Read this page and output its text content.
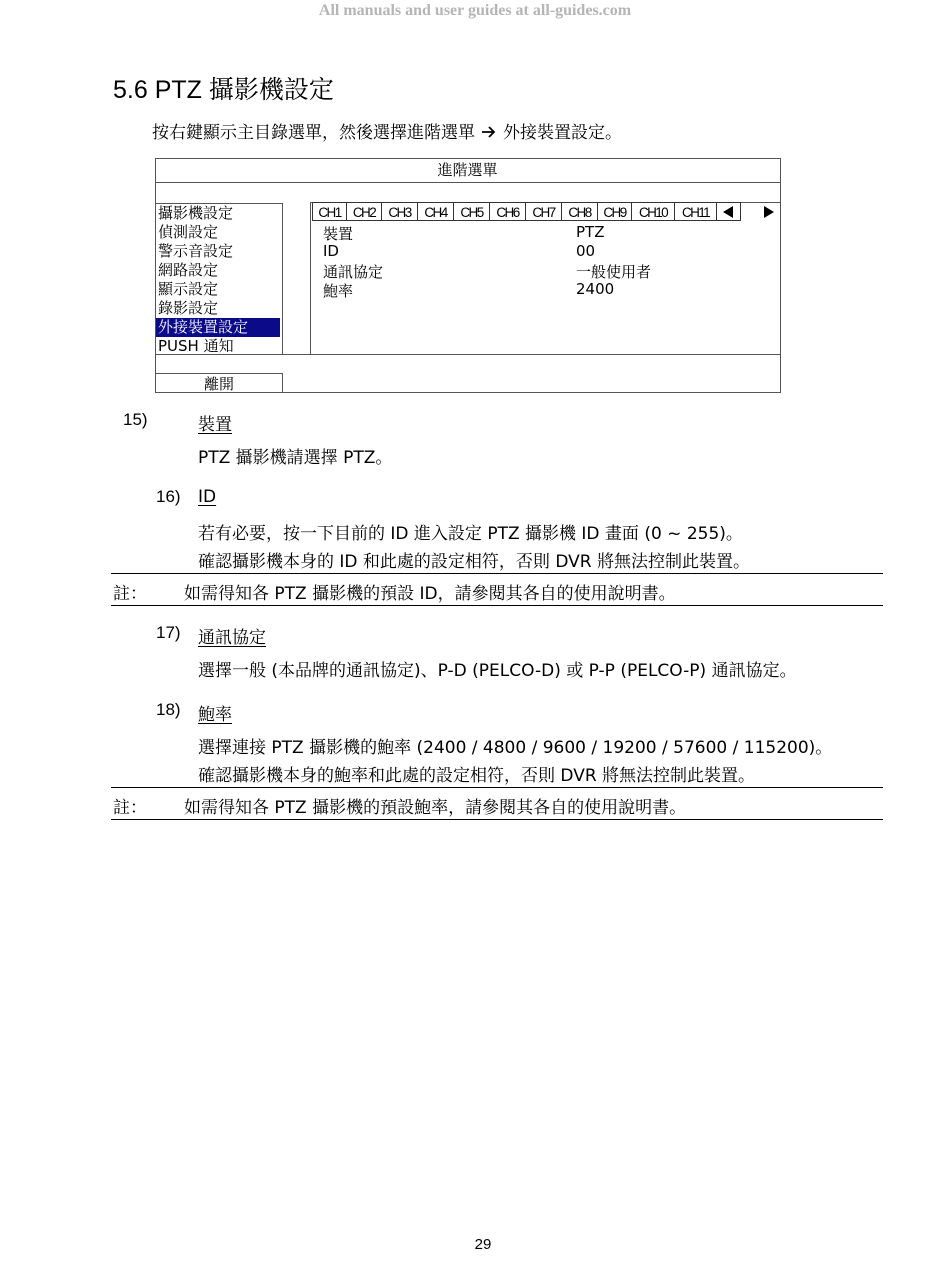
All manuals and user guides at all-guides.com
5.6 PTZ 攝影機設定
按右鍵顯示主目錄選單，然後選擇進階選單 外接裝置設定。
進階選單
攝影機設定
偵測設定
警示音設定
網路設定
顯示設定
錄影設定
外接裝置設定
PUSH 通知
離開
CH1 CH2 CH3	CH4	CH5	CH6	CH7	CH8 CH9 CH10	CH11
裝置	PTZ
ID	00
通訊協定	一般使用者
鮑率	2400
15)	裝置
PTZ 攝影機請選擇 PTZ。
16) ID
若有必要，按一下目前的 ID 進入設定 PTZ 攝影機 ID 畫面 (0 ~ 255)。
確認攝影機本身的 ID 和此處的設定相符，否則 DVR 將無法控制此裝置。
註： 如需得知各 PTZ 攝影機的預設 ID，請參閱其各自的使用說明書。
17) 通訊協定
選擇一般 (本品牌的通訊協定)、P-D (PELCO-D) 或 P-P (PELCO-P) 通訊協定。
18) 鮑率
選擇連接 PTZ 攝影機的鮑率 (2400 / 4800 / 9600 / 19200 / 57600 / 115200)。
確認攝影機本身的鮑率和此處的設定相符，否則 DVR 將無法控制此裝置。
註： 如需得知各 PTZ 攝影機的預設鮑率，請參閱其各自的使用說明書。
29
